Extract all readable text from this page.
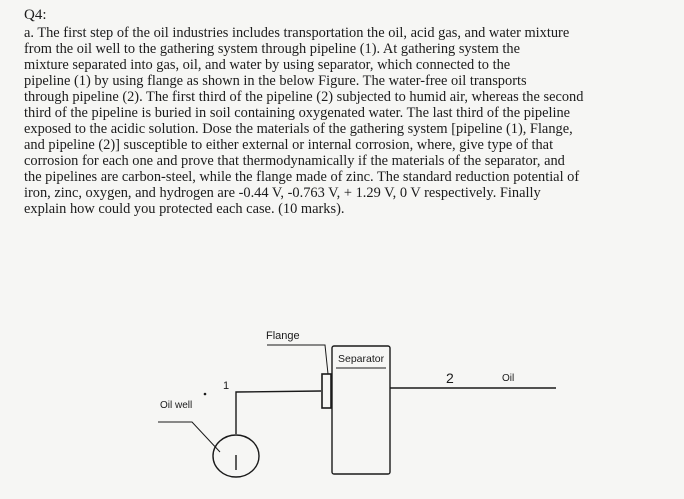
Q4:

a. The first step of the oil industries includes transportation the oil, acid gas, and water mixture
from the oil well to the gathering system through pipeline (1). At gathering system the
mixture separated into gas, oil, and water by using separator, which connected to the
pipeline (1) by using flange as shown in the below Figure. The water-free oil transports
through pipeline (2). The first third of the pipeline (2) subjected to humid air, whereas the second
third of the pipeline is buried in soil containing oxygenated water. The last third of the pipeline
exposed to the acidic solution. Dose the materials of the gathering system [pipeline (1), Flange,
and pipeline (2)] susceptible to either external or internal corrosion, where, give type of that
corrosion for each one and prove that thermodynamically if the materials of the separator, and
the pipelines are carbon-steel, while the flange made of zinc. The standard reduction potential of
iron, zinc, oxygen, and hydrogen are -0.44 V, -0.763 V, + 1.29 V, 0 V respectively. Finally
explain how could you protected each case. (10 marks).

Flange
Separator
1	2	Oil
Oil well
